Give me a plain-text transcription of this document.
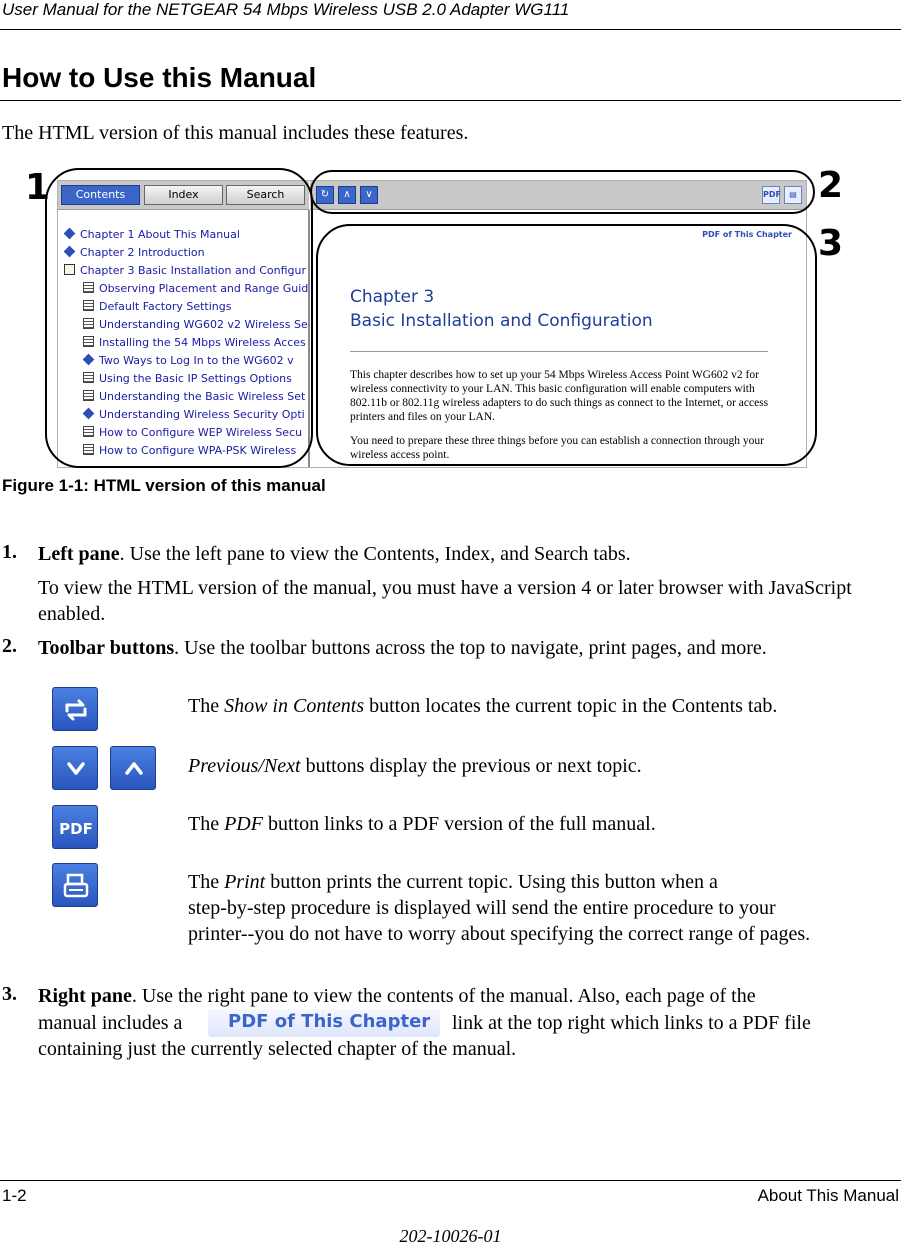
User Manual for the NETGEAR 54 Mbps Wireless USB 2.0 Adapter WG111
How to Use this Manual
The HTML version of this manual includes these features.
Contents	Index	Search
Chapter 1 About This Manual
Chapter 2 Introduction
Chapter 3 Basic Installation and Configur
Observing Placement and Range Guid
Default Factory Settings
Understanding WG602 v2 Wireless Se
Installing the 54 Mbps Wireless Acces
Two Ways to Log In to the WG602 v
Using the Basic IP Settings Options
Understanding the Basic Wireless Set
Understanding Wireless Security Opti
How to Configure WEP Wireless Secu
How to Configure WPA-PSK Wireless
↻	∧	∨	PDF	▤
PDF of This Chapter
Chapter 3
Basic Installation and Configuration

This chapter describes how to set up your 54 Mbps Wireless Access Point WG602 v2 for wireless connectivity to your LAN. This basic configuration will enable computers with 802.11b or 802.11g wireless adapters to do such things as connect to the Internet, or access printers and files on your LAN.

You need to prepare these three things before you can establish a connection through your wireless access point.

1	2
3
Figure 1-1: HTML version of this manual
1. Left pane. Use the left pane to view the Contents, Index, and Search tabs.
To view the HTML version of the manual, you must have a version 4 or later browser with JavaScript enabled.
2. Toolbar buttons. Use the toolbar buttons across the top to navigate, print pages, and more.
The Show in Contents button locates the current topic in the Contents tab.
Previous/Next buttons display the previous or next topic.
PDF	The PDF button links to a PDF version of the full manual.
The Print button prints the current topic. Using this button when a
step-by-step procedure is displayed will send the entire procedure to your
printer--you do not have to worry about specifying the correct range of pages.
3. Right pane. Use the right pane to view the contents of the manual. Also, each page of the
manual includes a	PDF of This Chapter link at the top right which links to a PDF file
containing just the currently selected chapter of the manual.
1-2	About This Manual
202-10026-01
